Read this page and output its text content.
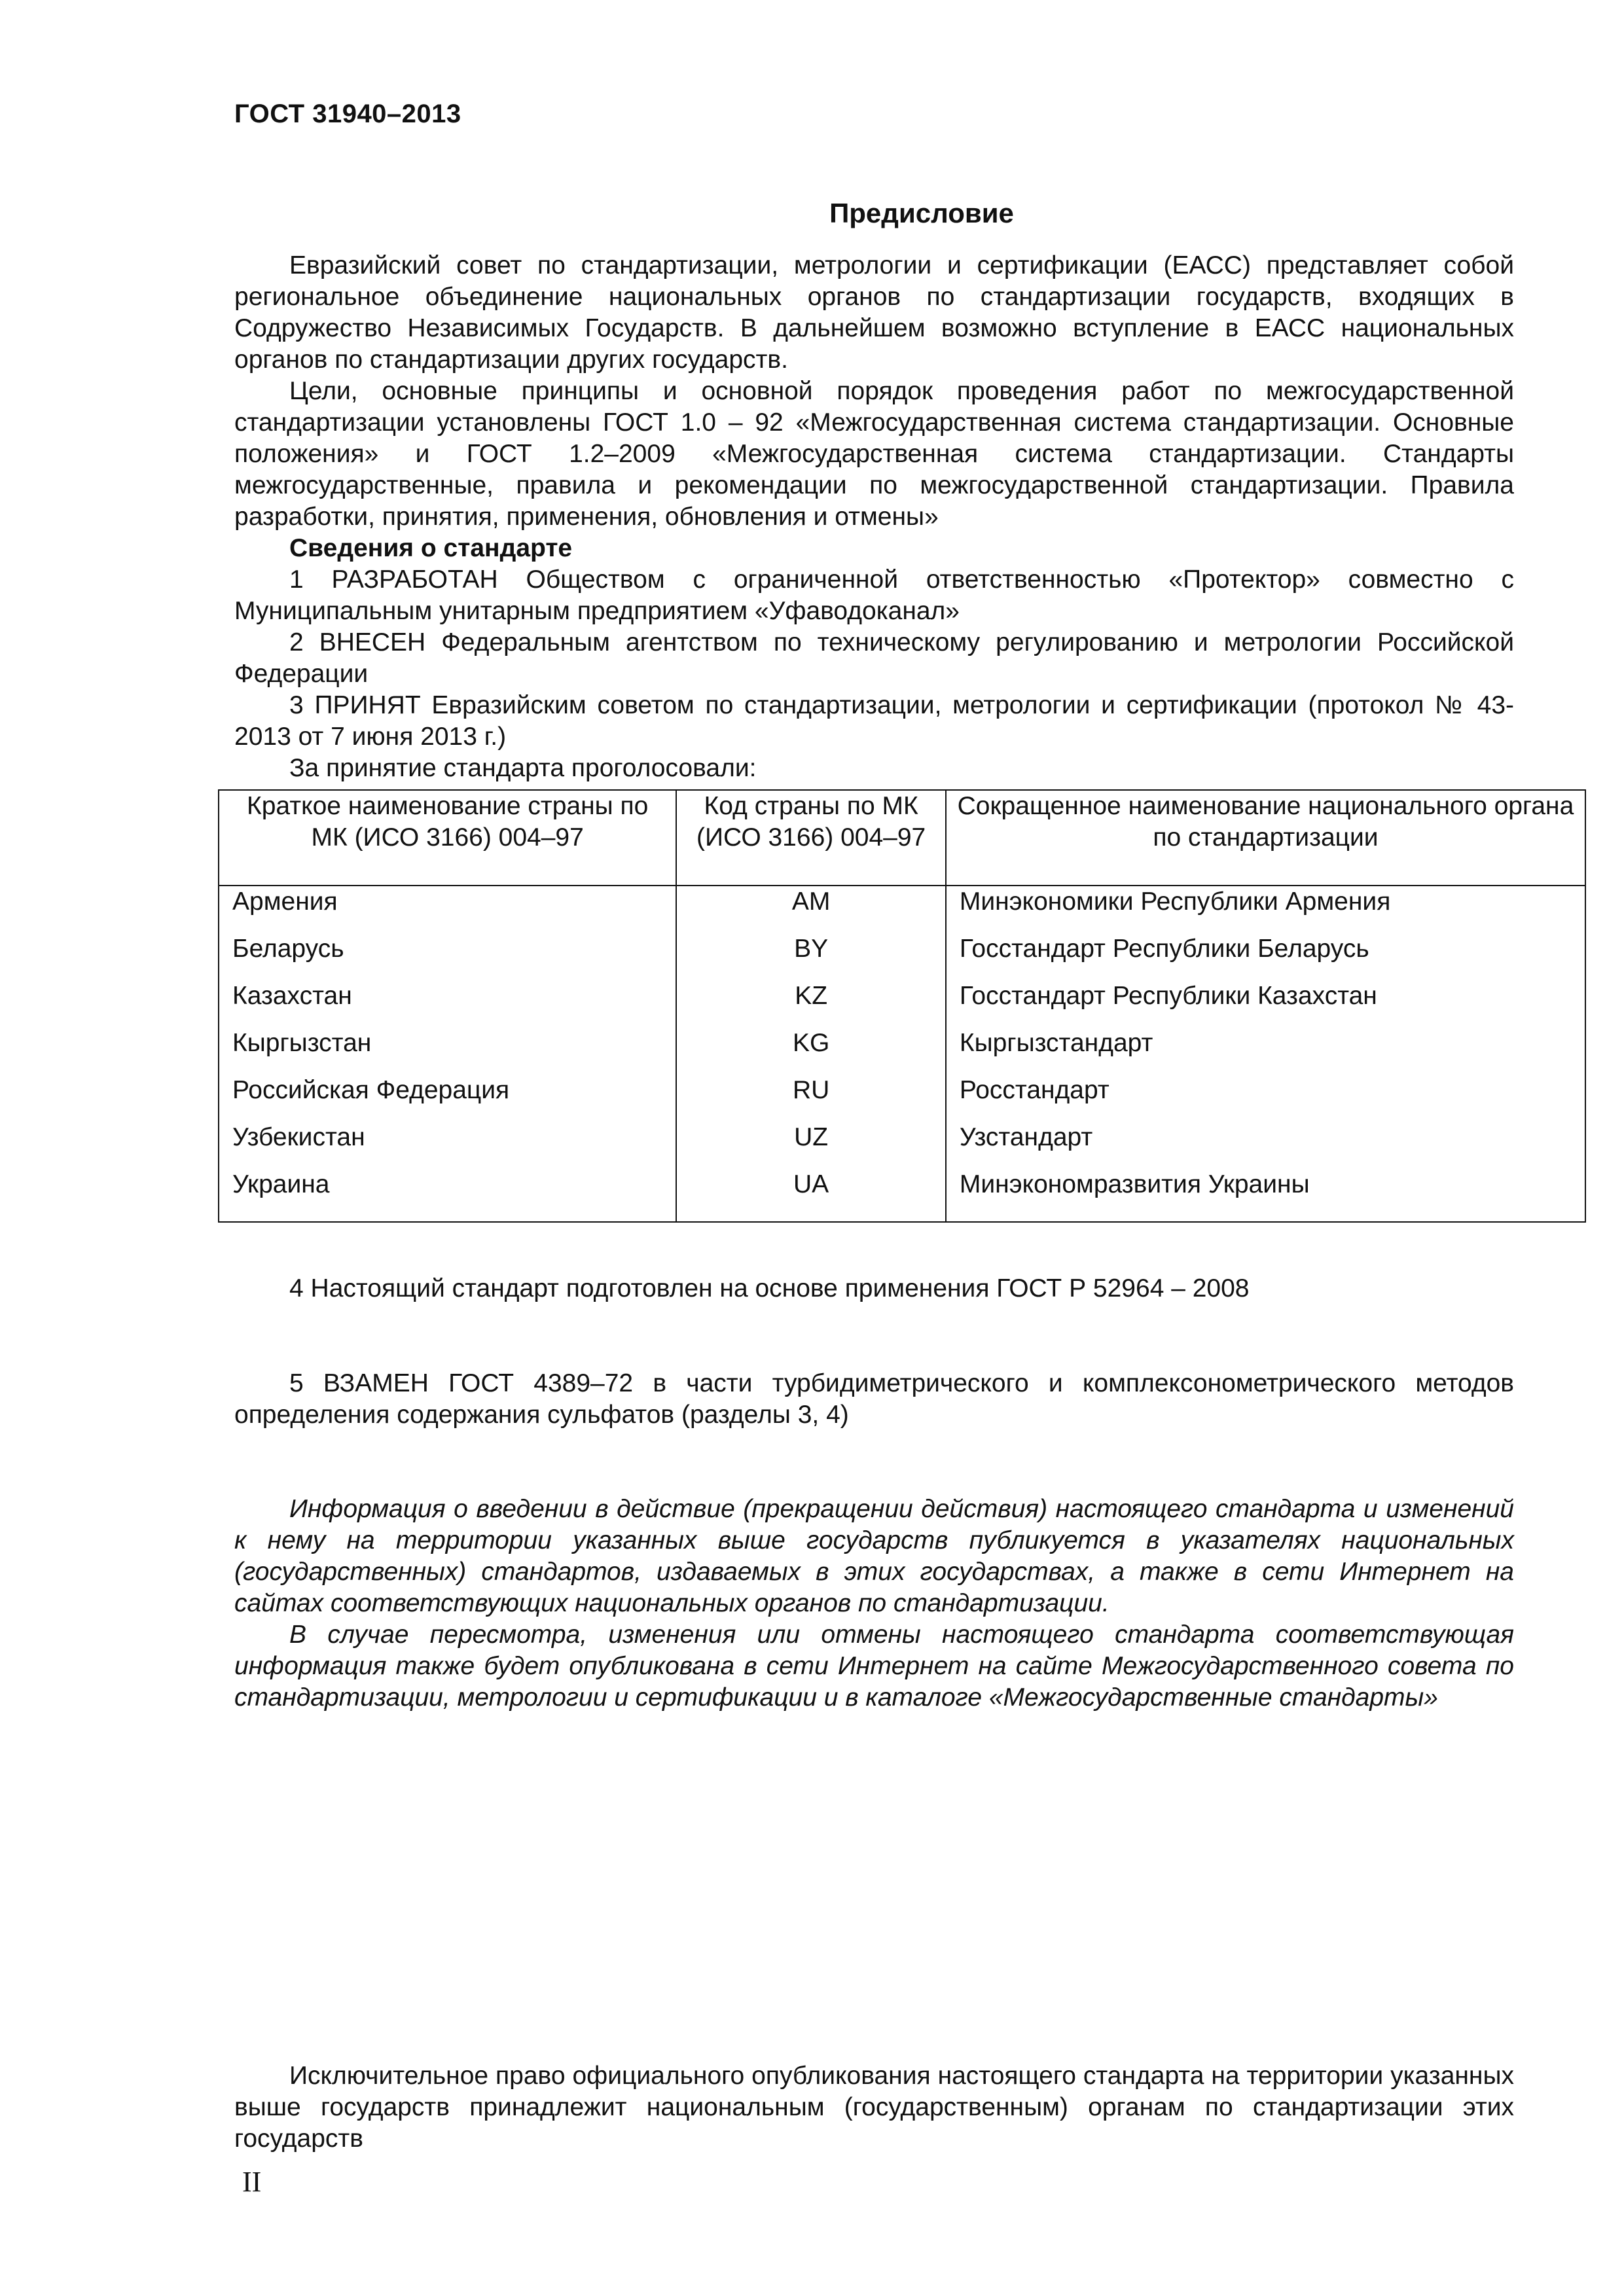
ГОСТ 31940–2013
Предисловие

Евразийский совет по стандартизации, метрологии и сертификации (ЕАСС) представляет собой региональное объединение национальных органов по стандартизации государств, входящих в Содружество Независимых Государств. В дальнейшем возможно вступление в ЕАСС национальных органов по стандартизации других государств.

Цели, основные принципы и основной порядок проведения работ по межгосударственной стандартизации установлены ГОСТ 1.0 – 92 «Межгосударственная система стандартизации. Основные положения» и ГОСТ 1.2–2009 «Межгосударственная система стандартизации. Стандарты межгосударственные, правила и рекомендации по межгосударственной стандартизации. Правила разработки, принятия, применения, обновления и отмены»

Сведения о стандарте

1 РАЗРАБОТАН Обществом с ограниченной ответственностью «Протектор» совместно с Муниципальным унитарным предприятием «Уфаводоканал»

2 ВНЕСЕН Федеральным агентством по техническому регулированию и метрологии Российской Федерации

3 ПРИНЯТ Евразийским советом по стандартизации, метрологии и сертификации (протокол № 43-2013 от 7 июня 2013 г.)

За принятие стандарта проголосовали:

Краткое наименование страны по МК (ИСО 3166) 004–97	Код страны по МК (ИСО 3166) 004–97	Сокращенное наименование национального органа по стандартизации
Армения	AM	Минэкономики Республики Армения
Беларусь	BY	Госстандарт Республики Беларусь
Казахстан	KZ	Госстандарт Республики Казахстан
Кыргызстан	KG	Кыргызстандарт
Российская Федерация	RU	Росстандарт
Узбекистан	UZ	Узстандарт
Украина	UA	Минэкономразвития Украины

4 Настоящий стандарт подготовлен на основе применения ГОСТ Р 52964 – 2008

5 ВЗАМЕН ГОСТ 4389–72 в части турбидиметрического и комплексонометрического методов определения содержания сульфатов (разделы 3, 4)

Информация о введении в действие (прекращении действия) настоящего стандарта и изменений к нему на территории указанных выше государств публикуется в указателях национальных (государственных) стандартов, издаваемых в этих государствах, а также в сети Интернет на сайтах соответствующих национальных органов по стандартизации.

В случае пересмотра, изменения или отмены настоящего стандарта соответствующая информация также будет опубликована в сети Интернет на сайте Межгосударственного совета по стандартизации, метрологии и сертификации и в каталоге «Межгосударственные стандарты»

Исключительное право официального опубликования настоящего стандарта на территории указанных выше государств принадлежит национальным (государственным) органам по стандартизации этих государств

II
